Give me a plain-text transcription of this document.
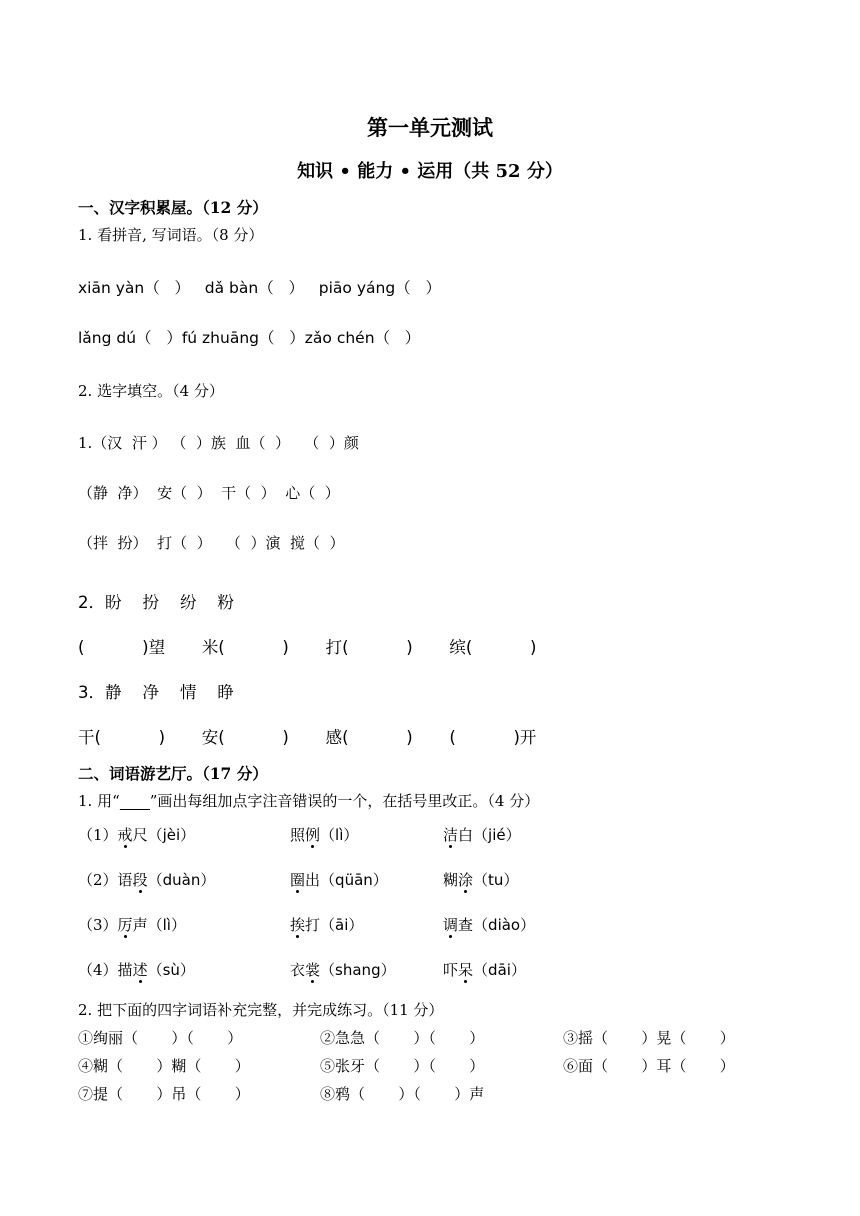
第一单元测试
知识 • 能力 • 运用（共 52 分）
一、汉字积累屋。（12 分）
1. 看拼音, 写词语。（8 分）
xiān yàn（   ）   dǎ bàn（   ）   piāo yáng（   ）
lǎng dú（   ）fú zhuāng（   ）zǎo chén（   ）
2. 选字填空。（4 分）
1.（汉  汗 ） （  ）族  血（  ）   （  ）颜
（静  净）  安（  ）  干（  ）  心（  ）
（拌  扮）  打（  ）   （  ）演  搅（  ）
2．盼    扮    纷    粉
(           )望       米(           )       打(           )       缤(           )
3．静    净    情    睁
干(           )       安(           )       感(           )       (           )开
二、词语游艺厅。（17 分）
1. 用“____”画出每组加点字注音错误的一个，在括号里改正。（4 分）
（1）戒尺（jèi）	照例（lì）	洁白（jié）
（2）语段（duàn）	圈出（qüān）	糊涂（tu）
（3）厉声（lì）	挨打（āi）	调查（diào）
（4）描述（sù）	衣裳（shang）	吓呆（dāi）
2. 把下面的四字词语补充完整，并完成练习。（11 分）
①绚丽（       ）（       ）	②急急（       ）（       ）	③摇（       ）晃（       ）
④糊（       ）糊（       ）	⑤张牙（       ）（       ）	⑥面（       ）耳（       ）
⑦提（       ）吊（       ）	⑧鸦（       ）（       ）声
